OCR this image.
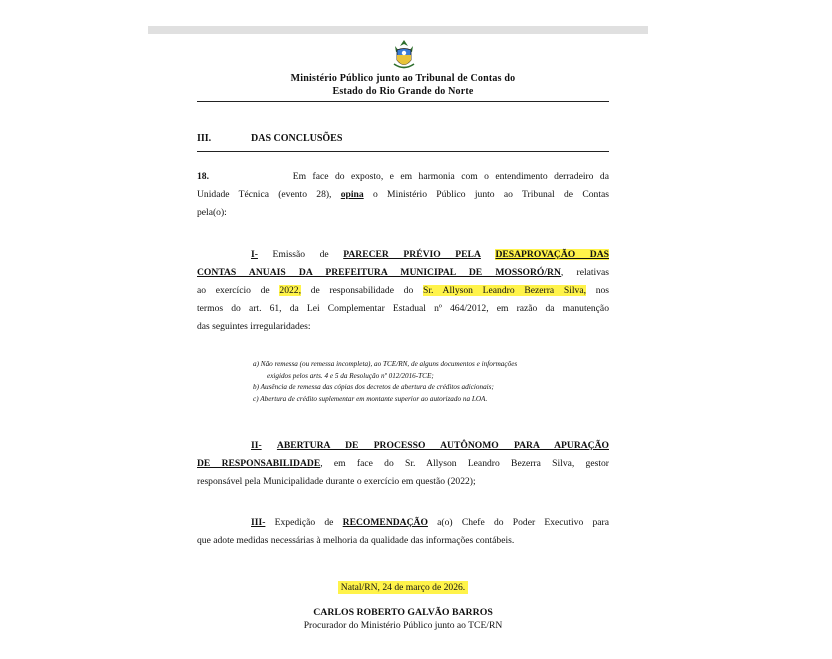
Ministério Público junto ao Tribunal de Contas do
Estado do Rio Grande do Norte
III.	DAS CONCLUSÕES
18.	Em face do exposto, e em harmonia com o entendimento derradeiro da
Unidade Técnica (evento 28), opina o Ministério Público junto ao Tribunal de Contas
pela(o):
I- Emissão de PARECER PRÉVIO PELA DESAPROVAÇÃO DAS
CONTAS ANUAIS DA PREFEITURA MUNICIPAL DE MOSSORÓ/RN, relativas
ao exercício de 2022, de responsabilidade do Sr. Allyson Leandro Bezerra Silva, nos
termos do art. 61, da Lei Complementar Estadual nº 464/2012, em razão da manutenção
das seguintes irregularidades:
a) Não remessa (ou remessa incompleta), ao TCE/RN, de alguns documentos e informações
exigidos pelos arts. 4 e 5 da Resolução nº 012/2016-TCE;
b) Ausência de remessa das cópias dos decretos de abertura de créditos adicionais;
c) Abertura de crédito suplementar em montante superior ao autorizado na LOA.
II- ABERTURA DE PROCESSO AUTÔNOMO PARA APURAÇÃO
DE RESPONSABILIDADE, em face do Sr. Allyson Leandro Bezerra Silva, gestor
responsável pela Municipalidade durante o exercício em questão (2022);
III- Expedição de RECOMENDAÇÃO a(o) Chefe do Poder Executivo para
que adote medidas necessárias à melhoria da qualidade das informações contábeis.
Natal/RN, 24 de março de 2026.
CARLOS ROBERTO GALVÃO BARROS
Procurador do Ministério Público junto ao TCE/RN
